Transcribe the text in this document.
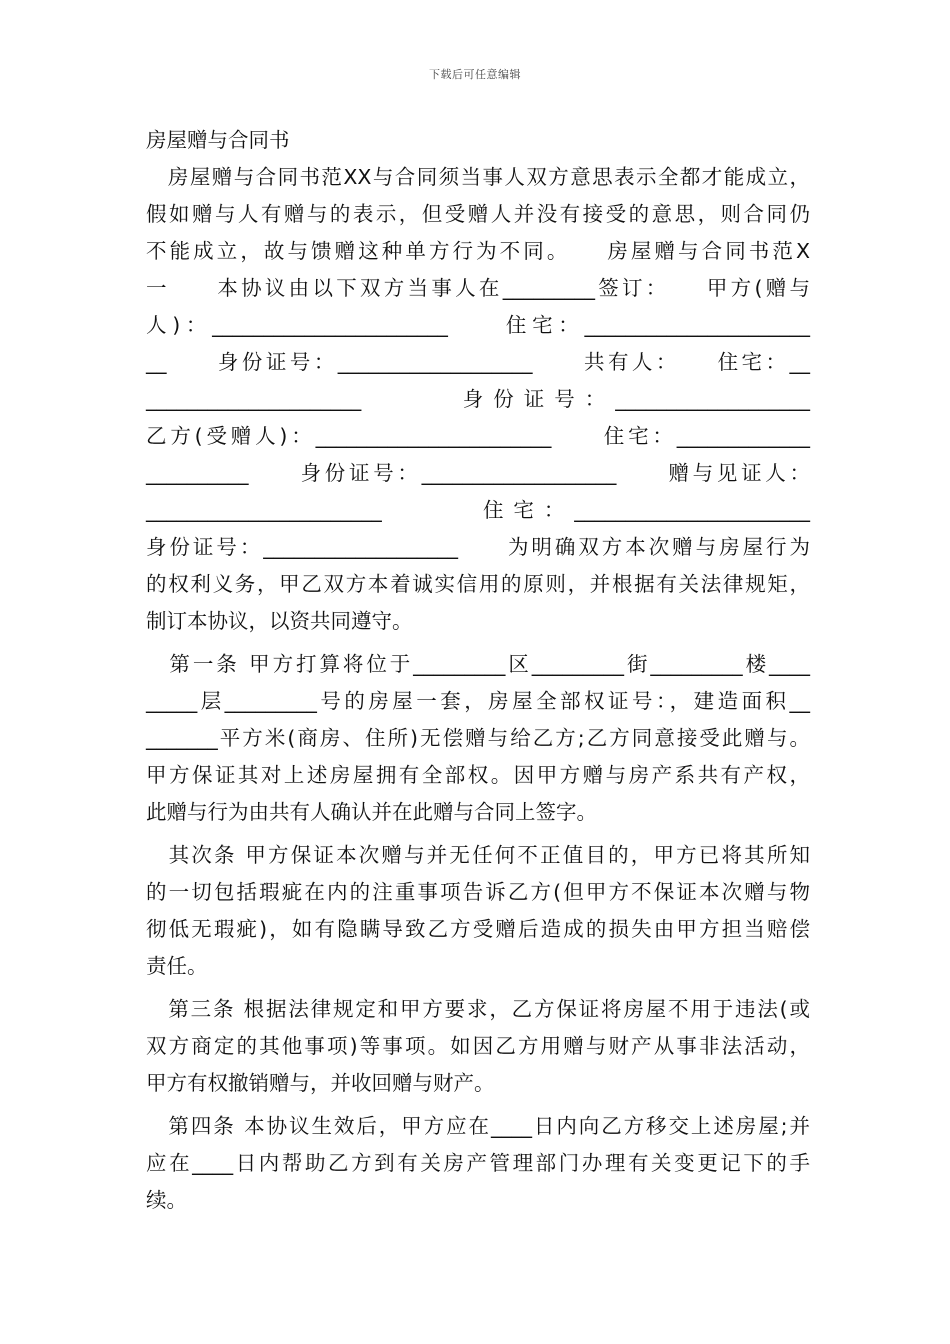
下载后可任意编辑
房屋赠与合同书
　房屋赠与合同书范XX与合同须当事人双方意思表示全都才能成立，
假如赠与人有赠与的表示，但受赠人并没有接受的意思，则合同仍
不能成立，故与馈赠这种单方行为不同。　　房屋赠与合同书范X
一　　本协议由以下双方当事人在_________签订：　　甲方(赠与
人)：_______________________　　住宅：______________________
__　　身份证号：___________________　　共有人：　　住宅：__
_____________________　　　身份证号：___________________
乙方(受赠人)：_______________________　　住宅：_____________
__________　　身份证号：___________________　　赠与见证人：
_______________________　　　住宅：_______________________
身份证号：___________________　　为明确双方本次赠与房屋行为
的权利义务，甲乙双方本着诚实信用的原则，并根据有关法律规矩，
制订本协议，以资共同遵守。
　第一条 甲方打算将位于_________区_________街_________楼____
_____层_________号的房屋一套，房屋全部权证号：，建造面积__
_______平方米(商房、住所)无偿赠与给乙方;乙方同意接受此赠与。
甲方保证其对上述房屋拥有全部权。因甲方赠与房产系共有产权，
此赠与行为由共有人确认并在此赠与合同上签字。
　其次条 甲方保证本次赠与并无任何不正值目的，甲方已将其所知
的一切包括瑕疵在内的注重事项告诉乙方(但甲方不保证本次赠与物
彻低无瑕疵)，如有隐瞒导致乙方受赠后造成的损失由甲方担当赔偿
责任。
　第三条 根据法律规定和甲方要求，乙方保证将房屋不用于违法(或
双方商定的其他事项)等事项。如因乙方用赠与财产从事非法活动，
甲方有权撤销赠与，并收回赠与财产。
　第四条 本协议生效后，甲方应在____日内向乙方移交上述房屋;并
应在____日内帮助乙方到有关房产管理部门办理有关变更记下的手
续。
